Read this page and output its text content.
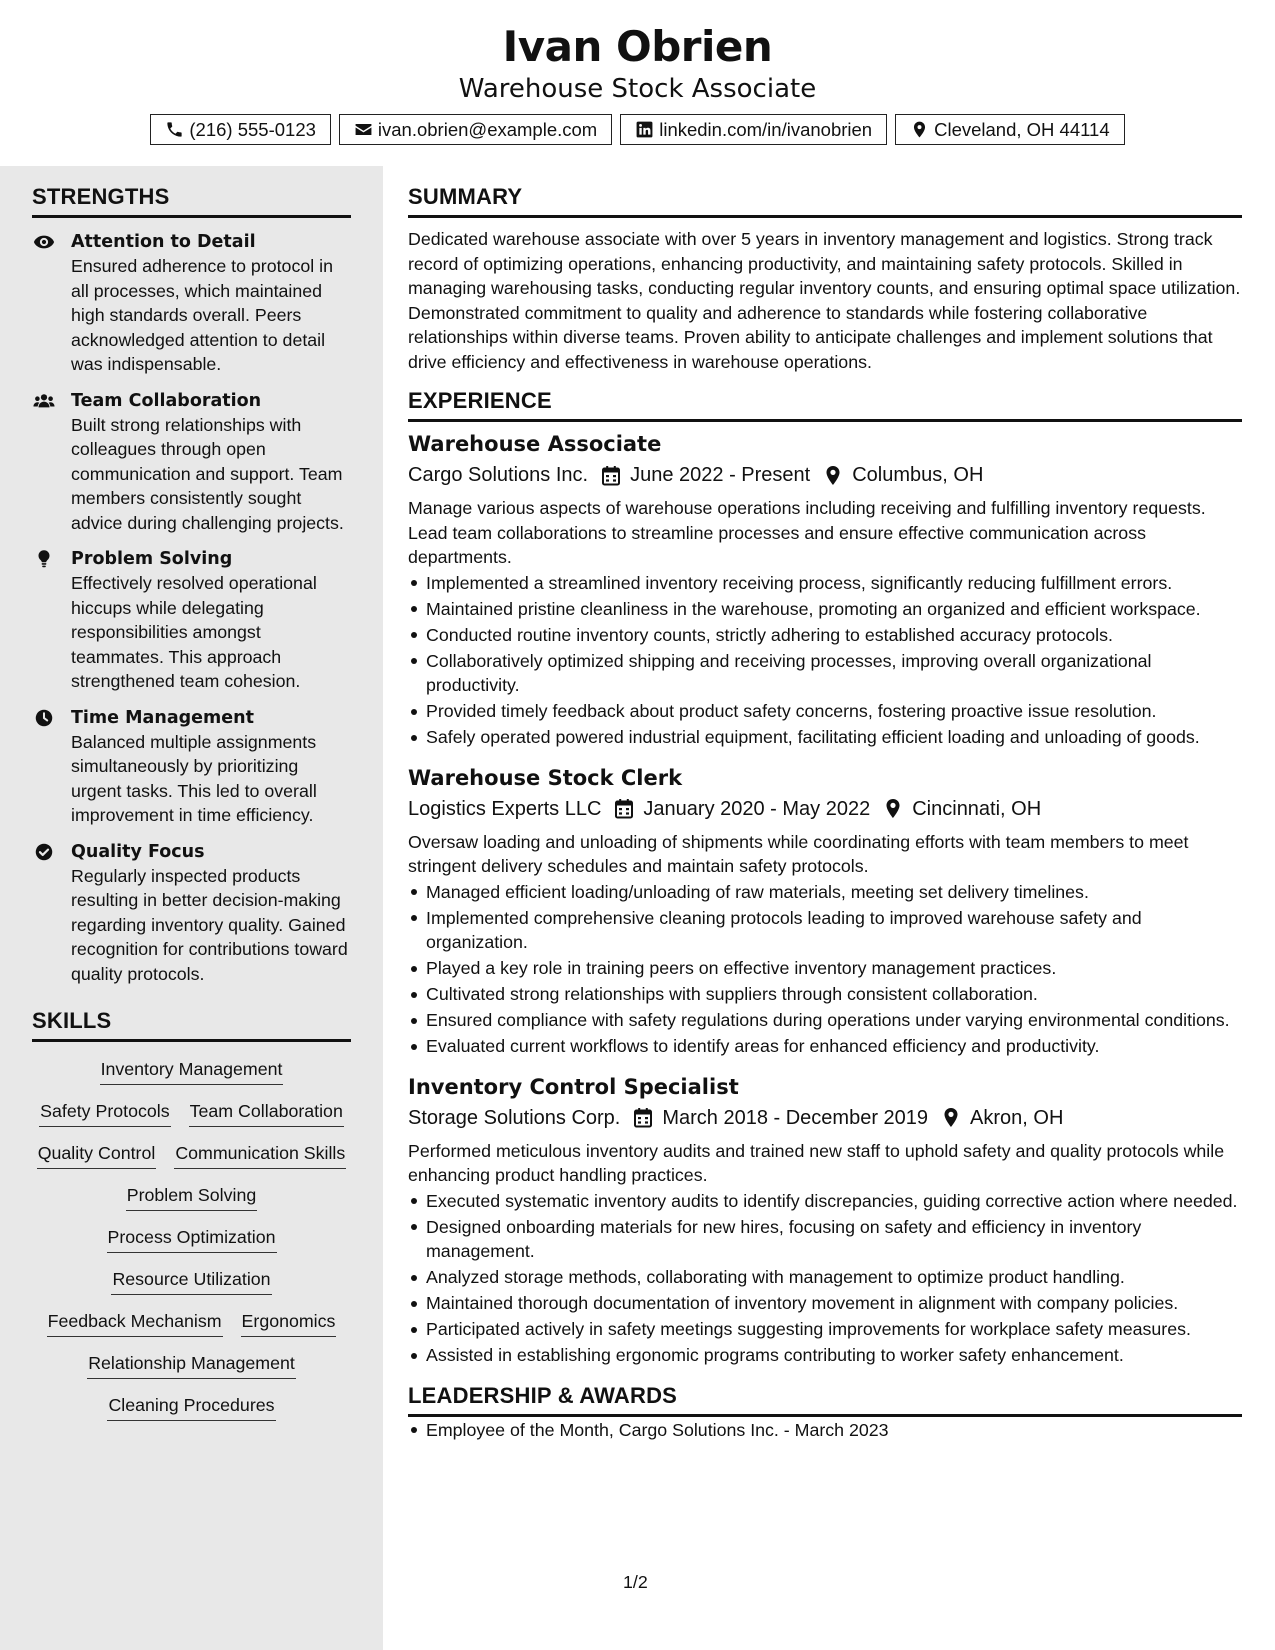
Ivan Obrien
Warehouse Stock Associate
(216) 555-0123	ivan.obrien@example.com	linkedin.com/in/ivanobrien	Cleveland, OH 44114
STRENGTHS
Attention to Detail
Ensured adherence to protocol in all processes, which maintained high standards overall. Peers acknowledged attention to detail was indispensable.
Team Collaboration
Built strong relationships with colleagues through open communication and support. Team members consistently sought advice during challenging projects.
Problem Solving
Effectively resolved operational hiccups while delegating responsibilities amongst teammates. This approach strengthened team cohesion.
Time Management
Balanced multiple assignments simultaneously by prioritizing urgent tasks. This led to overall improvement in time efficiency.
Quality Focus
Regularly inspected products resulting in better decision-making regarding inventory quality. Gained recognition for contributions toward quality protocols.
SKILLS
Inventory Management
Safety Protocols Team Collaboration
Quality Control Communication Skills
Problem Solving
Process Optimization
Resource Utilization
Feedback Mechanism Ergonomics
Relationship Management
Cleaning Procedures
SUMMARY
Dedicated warehouse associate with over 5 years in inventory management and logistics. Strong track record of optimizing operations, enhancing productivity, and maintaining safety protocols. Skilled in managing warehousing tasks, conducting regular inventory counts, and ensuring optimal space utilization. Demonstrated commitment to quality and adherence to standards while fostering collaborative relationships within diverse teams. Proven ability to anticipate challenges and implement solutions that drive efficiency and effectiveness in warehouse operations.
EXPERIENCE
Warehouse Associate
Cargo Solutions Inc. June 2022 - Present Columbus, OH
Manage various aspects of warehouse operations including receiving and fulfilling inventory requests. Lead team collaborations to streamline processes and ensure effective communication across departments.
Implemented a streamlined inventory receiving process, significantly reducing fulfillment errors.
Maintained pristine cleanliness in the warehouse, promoting an organized and efficient workspace.
Conducted routine inventory counts, strictly adhering to established accuracy protocols.
Collaboratively optimized shipping and receiving processes, improving overall organizational productivity.
Provided timely feedback about product safety concerns, fostering proactive issue resolution.
Safely operated powered industrial equipment, facilitating efficient loading and unloading of goods.
Warehouse Stock Clerk
Logistics Experts LLC January 2020 - May 2022 Cincinnati, OH
Oversaw loading and unloading of shipments while coordinating efforts with team members to meet stringent delivery schedules and maintain safety protocols.
Managed efficient loading/unloading of raw materials, meeting set delivery timelines.
Implemented comprehensive cleaning protocols leading to improved warehouse safety and organization.
Played a key role in training peers on effective inventory management practices.
Cultivated strong relationships with suppliers through consistent collaboration.
Ensured compliance with safety regulations during operations under varying environmental conditions.
Evaluated current workflows to identify areas for enhanced efficiency and productivity.
Inventory Control Specialist
Storage Solutions Corp. March 2018 - December 2019 Akron, OH
Performed meticulous inventory audits and trained new staff to uphold safety and quality protocols while enhancing product handling practices.
Executed systematic inventory audits to identify discrepancies, guiding corrective action where needed.
Designed onboarding materials for new hires, focusing on safety and efficiency in inventory management.
Analyzed storage methods, collaborating with management to optimize product handling.
Maintained thorough documentation of inventory movement in alignment with company policies.
Participated actively in safety meetings suggesting improvements for workplace safety measures.
Assisted in establishing ergonomic programs contributing to worker safety enhancement.
LEADERSHIP & AWARDS
Employee of the Month, Cargo Solutions Inc. - March 2023
1/2
